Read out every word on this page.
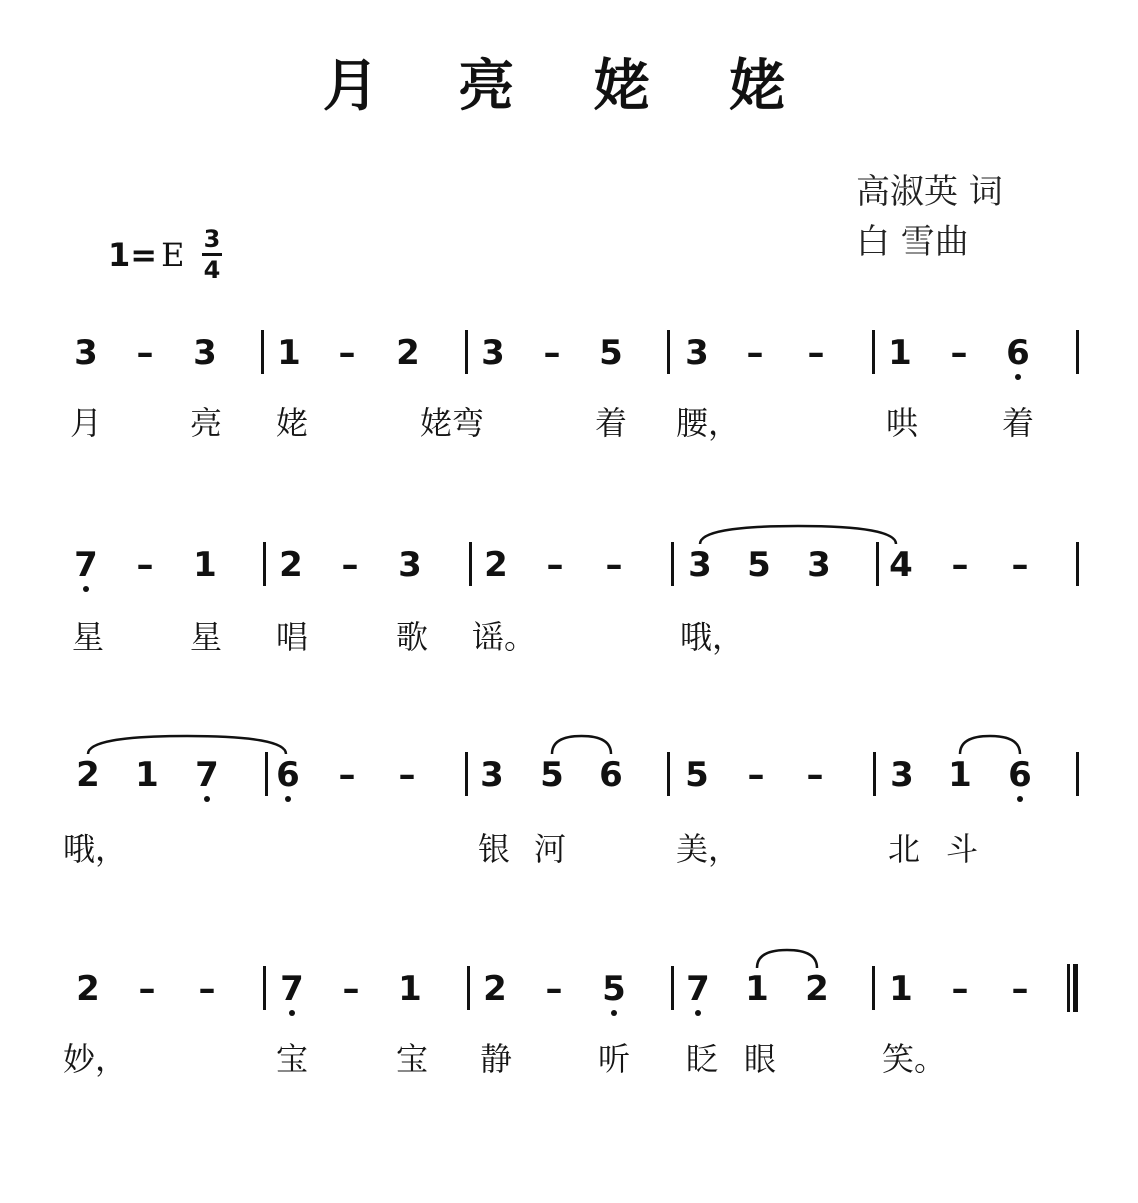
月 亮 姥 姥
高淑英 词
白 雪曲
1= E 3
4
3 – 3 1 – 2 3 – 5 3 – – 1 – 6
月	亮 姥	姥弯	着 腰，	哄	着
7 – 1 2 – 3 2 – – 3 5 3 4 – –
星	星 唱	歌 谣。	哦，
2 1 7 6 – – 3 5 6 5 – – 3 1 6
哦，	银 河	美，	北 斗
2 – – 7 – 1 2 – 5 7 1 2 1 – –
妙，	宝	宝 静	听 眨 眼	笑。
